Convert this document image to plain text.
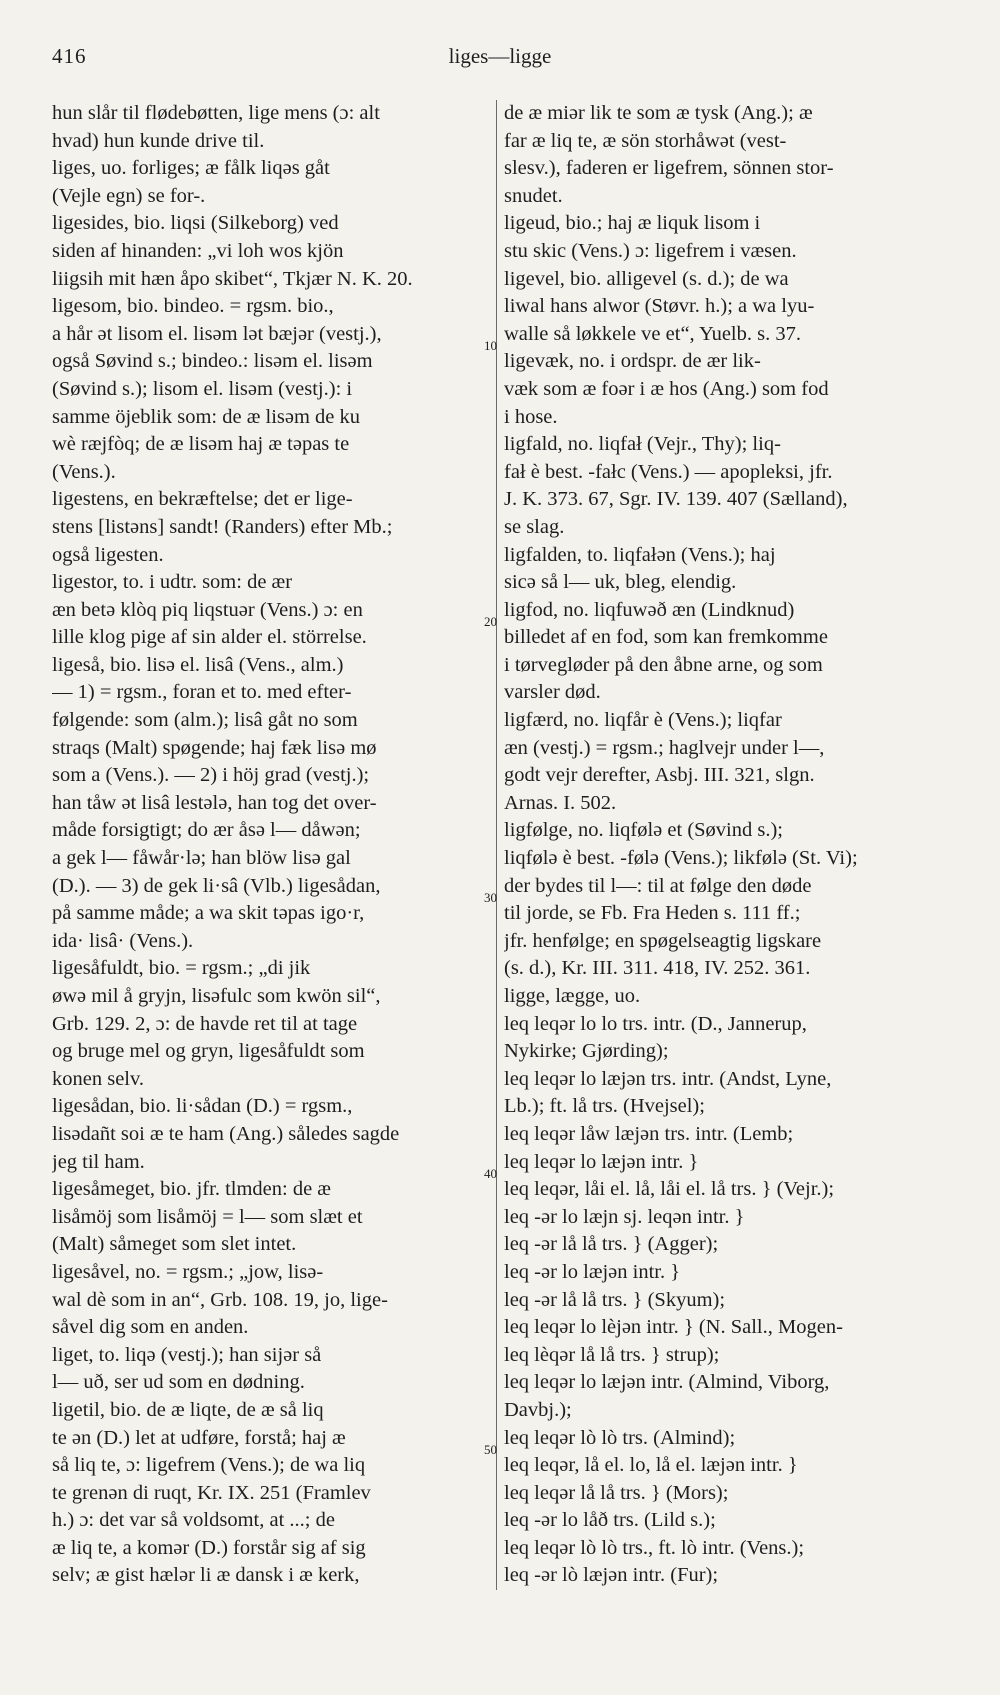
416	liges—ligge
hun slår til flødebøtten, lige mens (ɔ: alt
hvad) hun kunde drive til.
liges, uo. forliges; æ fålk liqəs gåt
(Vejle egn) se for-.
ligesides, bio. liqsi (Silkeborg) ved
siden af hinanden: „vi loh wos kjön
liigsih mit hæn åpo skibet“, Tkjær N. K. 20.
ligesom, bio. bindeo. = rgsm. bio.,
a hår ət lisom el. lisəm lət bæjər (vestj.),
også Søvind s.; bindeo.: lisəm el. lisəm
(Søvind s.); lisom el. lisəm (vestj.): i
samme öjeblik som: de æ lisəm de ku
wè ræjfòq; de æ lisəm haj æ təpas te
(Vens.).
ligestens, en bekræftelse; det er lige-
stens [listəns] sandt! (Randers) efter Mb.;
også ligesten.
ligestor, to. i udtr. som: de ær
æn betə klòq piq liqstuər (Vens.) ɔ: en
lille klog pige af sin alder el. störrelse.
ligeså, bio. lisə el. lisâ (Vens., alm.)
— 1) = rgsm., foran et to. med efter-
følgende: som (alm.); lisâ gåt no som
straqs (Malt) spøgende; haj fæk lisə mø
som a (Vens.). — 2) i höj grad (vestj.);
han tåw ət lisâ lestələ, han tog det over-
måde forsigtigt; do ær åsə l— dåwən;
a gek l— fåwår·lə; han blöw lisə gal
(D.). — 3) de gek li·sâ (Vlb.) ligesådan,
på samme måde; a wa skit təpas igo·r,
ida· lisâ· (Vens.).
ligesåfuldt, bio. = rgsm.; „di jik
øwə mil å gryjn, lisəfulc som kwön sil“,
Grb. 129. 2, ɔ: de havde ret til at tage
og bruge mel og gryn, ligesåfuldt som
konen selv.
ligesådan, bio. li·sådan (D.) = rgsm.,
lisədañt soi æ te ham (Ang.) således sagde
jeg til ham.
ligesåmeget, bio. jfr. tlmden: de æ
lisåmöj som lisåmöj = l— som slæt et
(Malt) såmeget som slet intet.
ligesåvel, no. = rgsm.; „jow, lisə-
wal dè som in an“, Grb. 108. 19, jo, lige-
såvel dig som en anden.
liget, to. liqə (vestj.); han sijər så
l— uð, ser ud som en dødning.
ligetil, bio. de æ liqte, de æ så liq
te ən (D.) let at udføre, forstå; haj æ
så liq te, ɔ: ligefrem (Vens.); de wa liq
te grenən di ruqt, Kr. IX. 251 (Framlev
h.) ɔ: det var så voldsomt, at ...; de
æ liq te, a komər (D.) forstår sig af sig
selv; æ gist hælər li æ dansk i æ kerk,
de æ miər lik te som æ tysk (Ang.); æ
far æ liq te, æ sön storhåwət (vest-
slesv.), faderen er ligefrem, sönnen stor-
snudet.
ligeud, bio.; haj æ liquk lisom i
stu skic (Vens.) ɔ: ligefrem i væsen.
ligevel, bio. alligevel (s. d.); de wa
liwal hans alwor (Støvr. h.); a wa lyu-
walle så løkkele ve et“, Yuelb. s. 37.
ligevæk, no. i ordspr. de ær lik-
væk som æ foər i æ hos (Ang.) som fod
i hose.
ligfald, no. liqfał (Vejr., Thy); liq-
fał è best. -fałc (Vens.) — apopleksi, jfr.
J. K. 373. 67, Sgr. IV. 139. 407 (Sælland),
se slag.
ligfalden, to. liqfałən (Vens.); haj
sicə så l— uk, bleg, elendig.
ligfod, no. liqfuwəð æn (Lindknud)
billedet af en fod, som kan fremkomme
i tørvegløder på den åbne arne, og som
varsler død.
ligfærd, no. liqfår è (Vens.); liqfar
æn (vestj.) = rgsm.; haglvejr under l—,
godt vejr derefter, Asbj. III. 321, slgn.
Arnas. I. 502.
ligfølge, no. liqfølə et (Søvind s.);
liqfølə è best. -følə (Vens.); likfølə (St. Vi);
der bydes til l—: til at følge den døde
til jorde, se Fb. Fra Heden s. 111 ff.;
jfr. henfølge; en spøgelseagtig ligskare
(s. d.), Kr. III. 311. 418, IV. 252. 361.
ligge, lægge, uo.
leq leqər lo lo trs. intr. (D., Jannerup,
Nykirke; Gjørding);
leq leqər lo læjən trs. intr. (Andst, Lyne,
Lb.); ft. lå trs. (Hvejsel);
leq leqər låw læjən trs. intr. (Lemb;
leq leqər lo læjən intr. }
leq leqər, låi el. lå, låi el. lå trs. } (Vejr.);
leq -ər lo læjn sj. leqən intr. }
leq -ər lå lå trs. } (Agger);
leq -ər lo læjən intr. }
leq -ər lå lå trs. } (Skyum);
leq leqər lo lèjən intr. } (N. Sall., Mogen-
leq lèqər lå lå trs. } strup);
leq leqər lo læjən intr. (Almind, Viborg,
Davbj.);
leq leqər lò lò trs. (Almind);
leq leqər, lå el. lo, lå el. læjən intr. }
leq leqər lå lå trs. } (Mors);
leq -ər lo låð trs. (Lild s.);
leq leqər lò lò trs., ft. lò intr. (Vens.);
leq -ər lò læjən intr. (Fur);
10
20
30
40
50
